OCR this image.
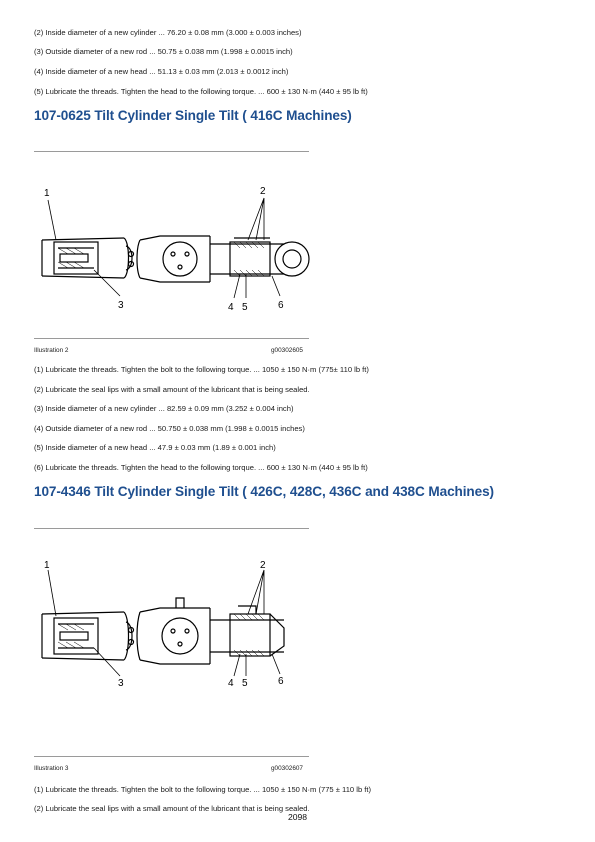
(2) Inside diameter of a new cylinder ... 76.20 ± 0.08 mm (3.000 ± 0.003 inches)
(3) Outside diameter of a new rod ... 50.75 ± 0.038 mm (1.998 ± 0.0015 inch)
(4) Inside diameter of a new head ... 51.13 ± 0.03 mm (2.013 ± 0.0012 inch)
(5) Lubricate the threads. Tighten the head to the following torque. ... 600 ± 130 N·m (440 ± 95 lb ft)
107-0625 Tilt Cylinder Single Tilt ( 416C Machines)
1	2
3	4 5	6
Illustration 2	g00302605
(1) Lubricate the threads. Tighten the bolt to the following torque. ... 1050 ± 150 N·m (775± 110 lb ft)
(2) Lubricate the seal lips with a small amount of the lubricant that is being sealed.
(3) Inside diameter of a new cylinder ... 82.59 ± 0.09 mm (3.252 ± 0.004 inch)
(4) Outside diameter of a new rod ... 50.750 ± 0.038 mm (1.998 ± 0.0015 inches)
(5) Inside diameter of a new head ... 47.9 ± 0.03 mm (1.89 ± 0.001 inch)
(6) Lubricate the threads. Tighten the head to the following torque. ... 600 ± 130 N·m (440 ± 95 lb ft)
107-4346 Tilt Cylinder Single Tilt ( 426C, 428C, 436C and 438C Machines)
1	2
3	4 5	6
Illustration 3	g00302607
(1) Lubricate the threads. Tighten the bolt to the following torque. ... 1050 ± 150 N·m (775 ± 110 lb ft)
(2) Lubricate the seal lips with a small amount of the lubricant that is being sealed.
2098
